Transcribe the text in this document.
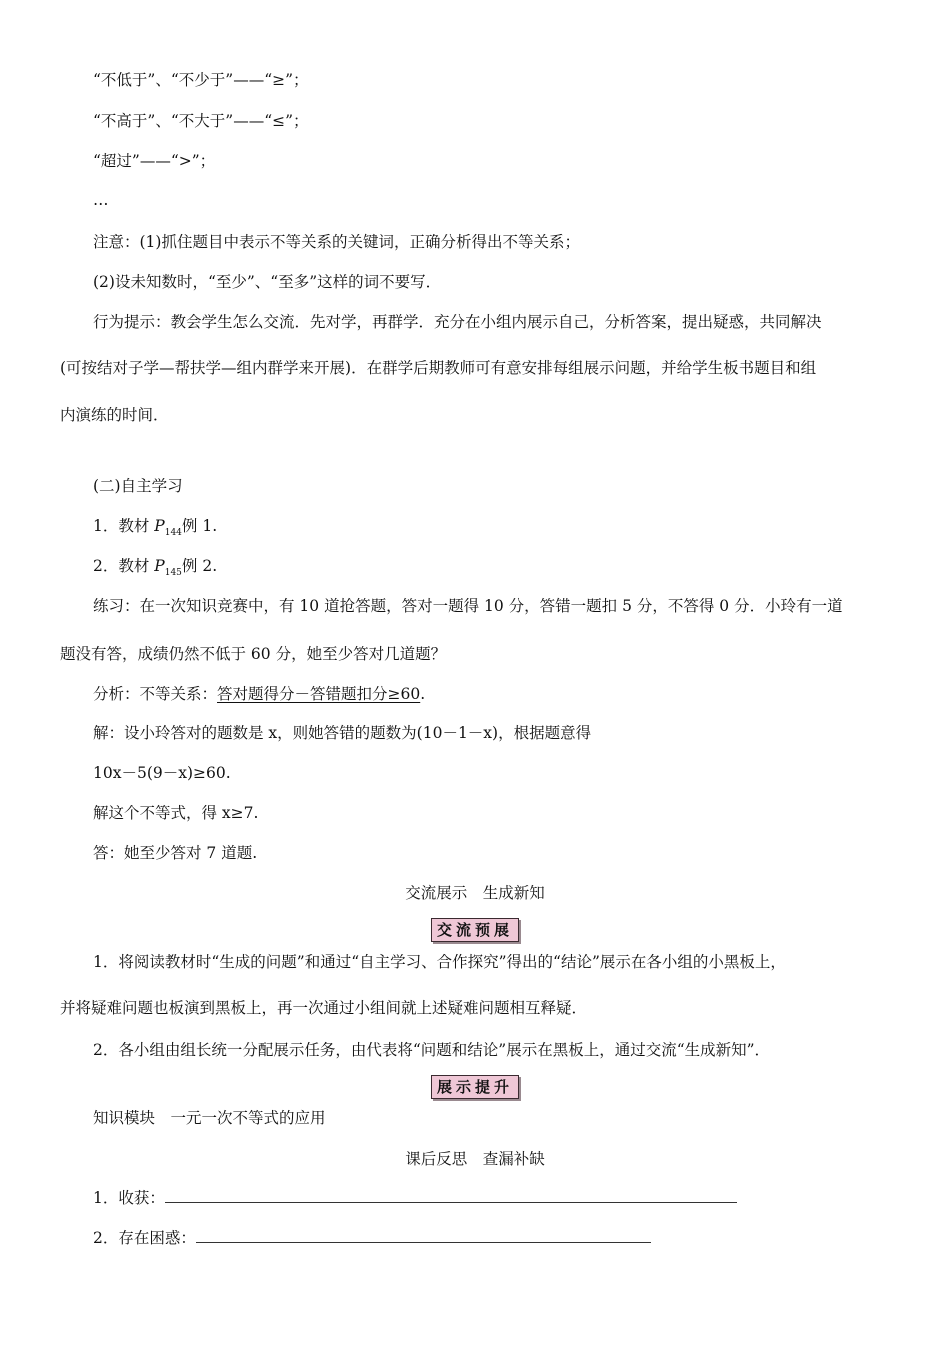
“不低于”、“不少于”——“≥”；
“不高于”、“不大于”——“≤”；
“超过”——“>”；
…
注意：(1)抓住题目中表示不等关系的关键词，正确分析得出不等关系；
(2)设未知数时，“至少”、“至多”这样的词不要写．
行为提示：教会学生怎么交流．先对学，再群学．充分在小组内展示自己，分析答案，提出疑惑，共同解决
(可按结对子学—帮扶学—组内群学来开展)．在群学后期教师可有意安排每组展示问题，并给学生板书题目和组
内演练的时间．
(二)自主学习
1．教材 $P_{144}$例 1.
2．教材 $P_{145}$例 2.
练习：在一次知识竞赛中，有 10 道抢答题，答对一题得 10 分，答错一题扣 5 分，不答得 0 分．小玲有一道
题没有答，成绩仍然不低于 60 分，她至少答对几道题？
分析：不等关系：答对题得分－答错题扣分≥60.
解：设小玲答对的题数是 x，则她答错的题数为(10－1－x)，根据题意得
10x－5(9－x)≥60.
解这个不等式，得 x≥7.
答：她至少答对 7 道题.
交流展示　生成新知
交流预展
1．将阅读教材时“生成的问题”和通过“自主学习、合作探究”得出的“结论”展示在各小组的小黑板上，
并将疑难问题也板演到黑板上，再一次通过小组间就上述疑难问题相互释疑．
2．各小组由组长统一分配展示任务，由代表将“问题和结论”展示在黑板上，通过交流“生成新知”．
展示提升
知识模块　一元一次不等式的应用
课后反思　查漏补缺
1．收获：
2．存在困惑：
